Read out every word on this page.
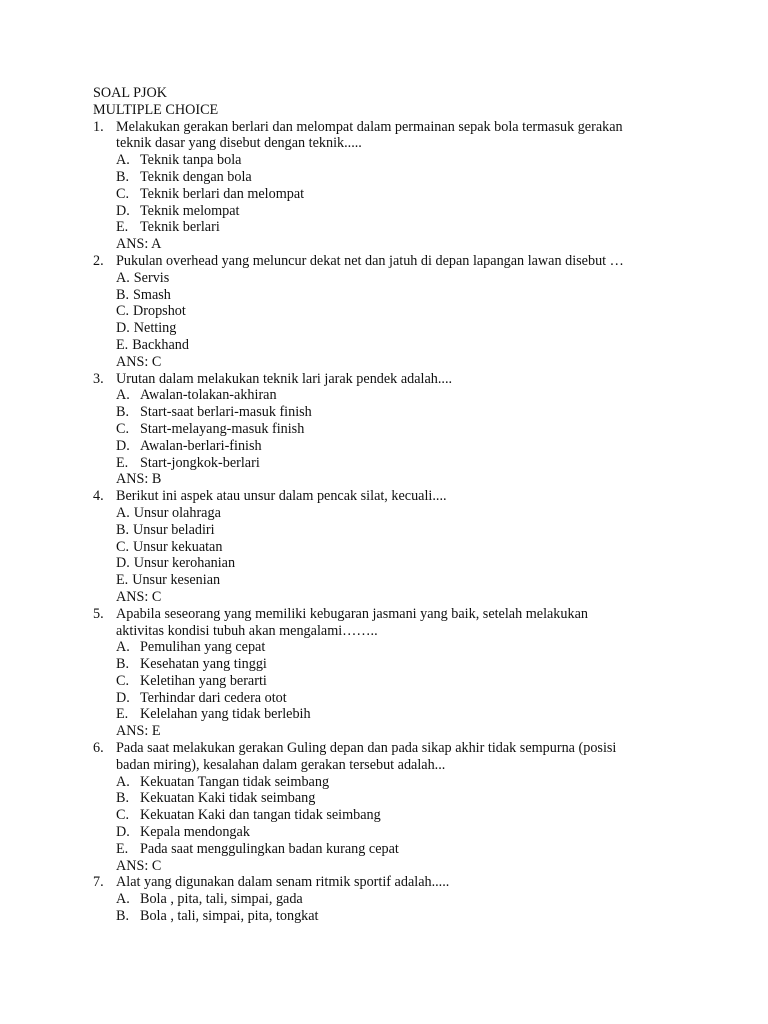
SOAL PJOK
MULTIPLE CHOICE
1. Melakukan gerakan berlari dan melompat dalam permainan sepak bola termasuk gerakan
teknik dasar yang disebut dengan teknik.....
A. Teknik tanpa bola
B. Teknik dengan bola
C. Teknik berlari dan melompat
D. Teknik melompat
E. Teknik berlari
ANS: A
2. Pukulan overhead yang meluncur dekat net dan jatuh di depan lapangan lawan disebut …
A. Servis
B. Smash
C. Dropshot
D. Netting
E. Backhand
ANS: C
3. Urutan dalam melakukan teknik lari jarak pendek adalah....
A. Awalan-tolakan-akhiran
B. Start-saat berlari-masuk finish
C. Start-melayang-masuk finish
D. Awalan-berlari-finish
E. Start-jongkok-berlari
ANS: B
4. Berikut ini aspek atau unsur dalam pencak silat, kecuali....
A. Unsur olahraga
B. Unsur beladiri
C. Unsur kekuatan
D. Unsur kerohanian
E. Unsur kesenian
ANS: C
5. Apabila seseorang yang memiliki kebugaran jasmani yang baik, setelah melakukan
aktivitas kondisi tubuh akan mengalami……..
A. Pemulihan yang cepat
B. Kesehatan yang tinggi
C. Keletihan yang berarti
D. Terhindar dari cedera otot
E. Kelelahan yang tidak berlebih
ANS: E
6. Pada saat melakukan gerakan Guling depan dan pada sikap akhir tidak sempurna (posisi
badan miring), kesalahan dalam gerakan tersebut adalah...
A. Kekuatan Tangan tidak seimbang
B. Kekuatan Kaki tidak seimbang
C. Kekuatan Kaki dan tangan tidak seimbang
D. Kepala mendongak
E. Pada saat menggulingkan badan kurang cepat
ANS: C
7. Alat yang digunakan dalam senam ritmik sportif adalah.....
A. Bola , pita, tali, simpai, gada
B. Bola , tali, simpai, pita, tongkat
